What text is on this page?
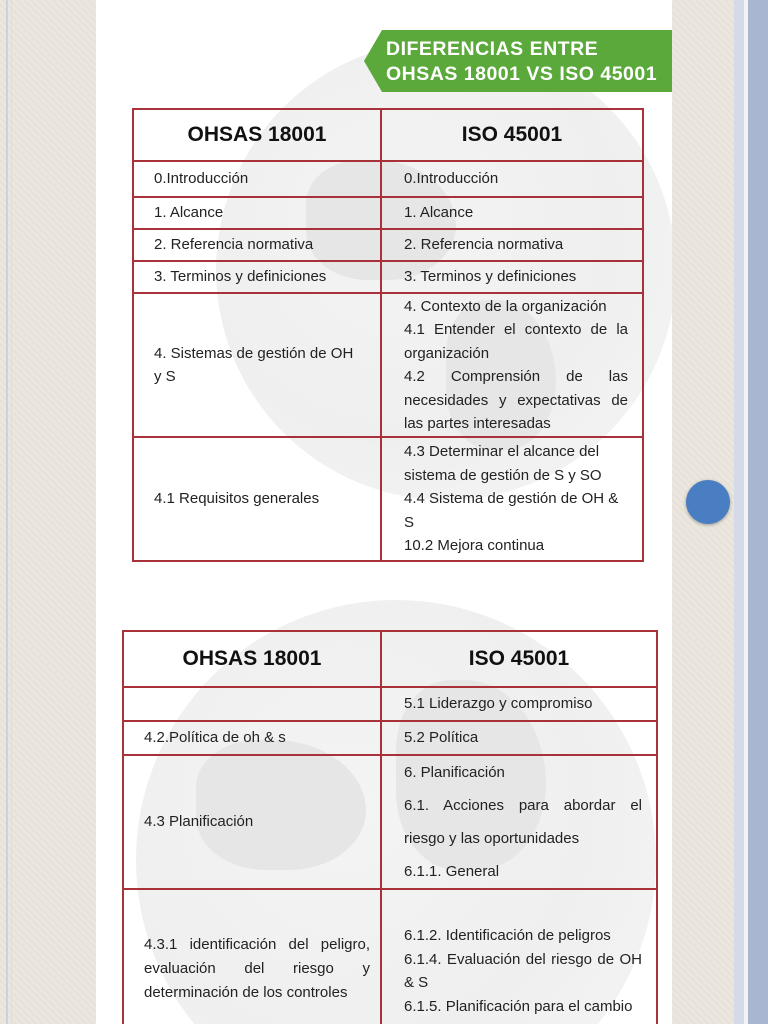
DIFERENCIAS ENTRE
OHSAS 18001 VS ISO 45001
OHSAS 18001	ISO 45001
0.Introducción	0.Introducción
1. Alcance	1. Alcance
2. Referencia normativa	2. Referencia normativa
3. Terminos y definiciones	3. Terminos y definiciones
4. Sistemas de gestión de OH y S	4. Contexto de la organización
4.1 Entender el contexto de la organización
4.2 Comprensión de las necesidades y expectativas de las partes interesadas

4.1 Requisitos generales	4.3 Determinar el alcance del sistema de gestión de S y SO
4.4 Sistema de gestión de OH & S
10.2 Mejora continua
OHSAS 18001	ISO 45001
	5.1 Liderazgo y compromiso
4.2.Política de oh & s	5.2 Política
4.3 Planificación	6. Planificación
6.1. Acciones para abordar el riesgo y las oportunidades
6.1.1. General

4.3.1 identificación del peligro, evaluación del riesgo y determinación de los controles	6.1.2. Identificación de peligros
6.1.4. Evaluación del riesgo de OH & S
6.1.5. Planificación para el cambio
